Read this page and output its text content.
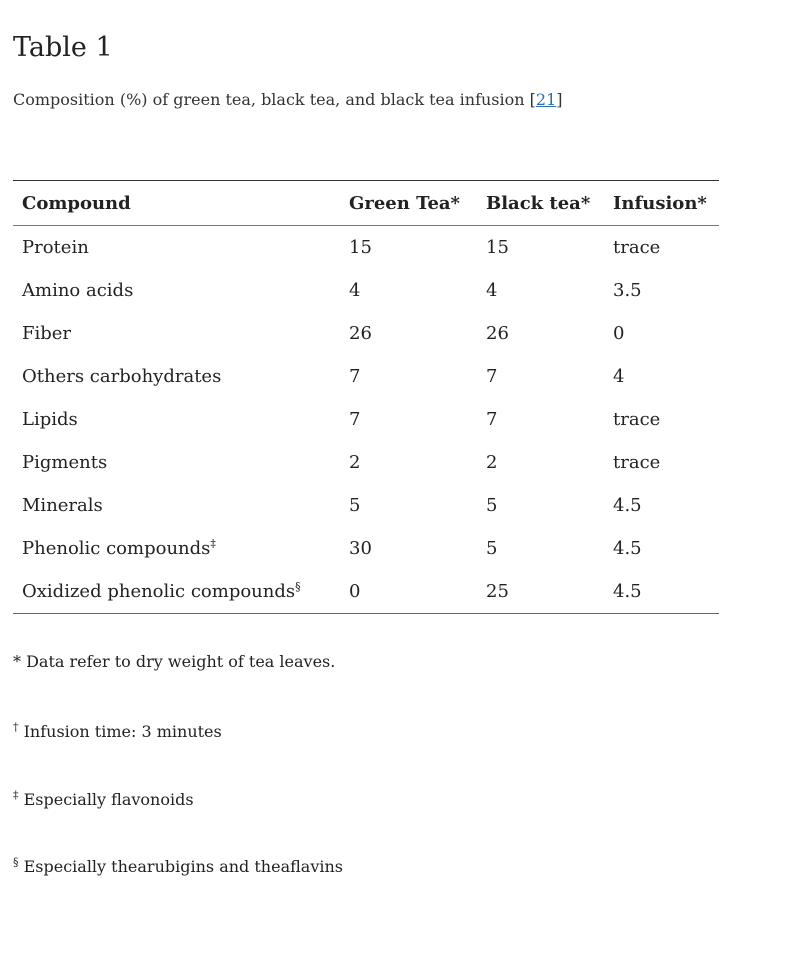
Table 1
Composition (%) of green tea, black tea, and black tea infusion [21]
Compound	Green Tea*	Black tea*	Infusion*
Protein	15	15	trace
Amino acids	4	4	3.5
Fiber	26	26	0
Others carbohydrates	7	7	4
Lipids	7	7	trace
Pigments	2	2	trace
Minerals	5	5	4.5
Phenolic compounds‡	30	5	4.5
Oxidized phenolic compounds§	0	25	4.5
* Data refer to dry weight of tea leaves.
† Infusion time: 3 minutes
‡ Especially flavonoids
§ Especially thearubigins and theaflavins
